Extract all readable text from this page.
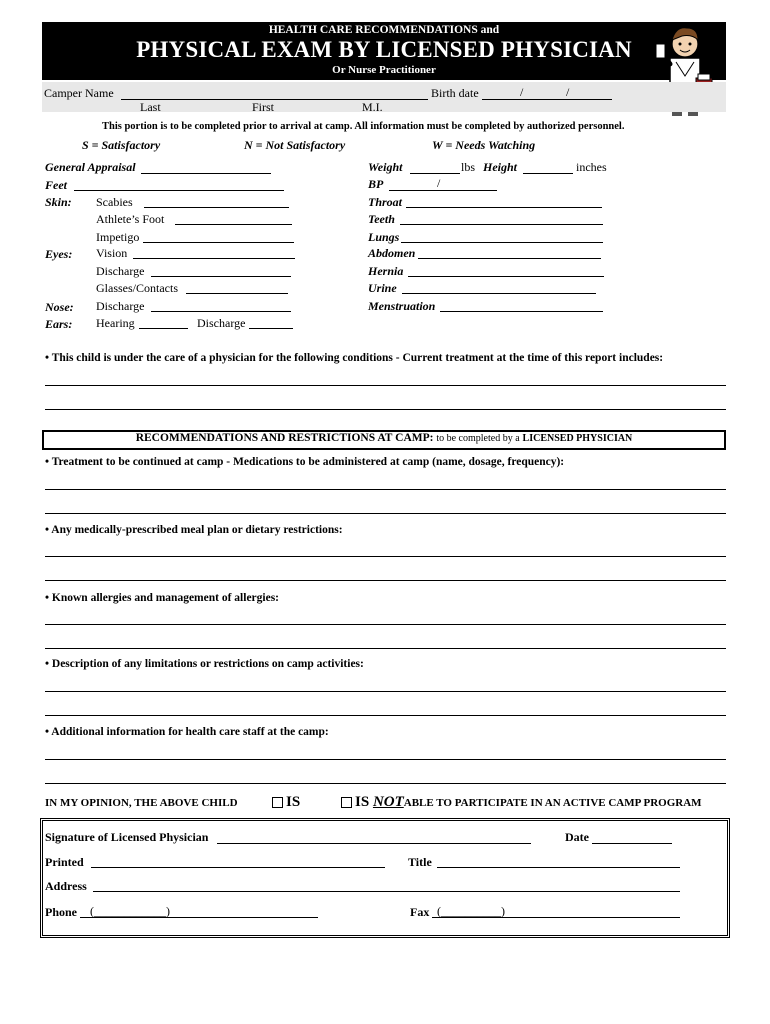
HEALTH CARE RECOMMENDATIONS and
PHYSICAL EXAM BY LICENSED PHYSICIAN
Or Nurse Practitioner
Camper Name	Birth date	/	/
Last	First	M.I.
This portion is to be completed prior to arrival at camp. All information must be completed by authorized personnel.
S = Satisfactory	N = Not Satisfactory	W = Needs Watching
General Appraisal
Feet
Skin: Scabies
Athlete’s Foot
Impetigo
Eyes: Vision
Discharge
Glasses/Contacts
Nose: Discharge
Ears: Hearing	Discharge
Weight	lbs Height	inches
BP	/
Throat
Teeth
Lungs
Abdomen
Hernia
Urine
Menstruation
• This child is under the care of a physician for the following conditions - Current treatment at the time of this report includes:
RECOMMENDATIONS AND RESTRICTIONS AT CAMP: to be completed by a LICENSED PHYSICIAN
• Treatment to be continued at camp - Medications to be administered at camp (name, dosage, frequency):
• Any medically-prescribed meal plan or dietary restrictions:
• Known allergies and management of allergies:
• Description of any limitations or restrictions on camp activities:
• Additional information for health care staff at the camp:
IN MY OPINION, THE ABOVE CHILD	IS	IS NOTABLE TO PARTICIPATE IN AN ACTIVE CAMP PROGRAM
Signature of Licensed Physician	Date
Printed	Title
Address
Phone (____________)	Fax (__________)
